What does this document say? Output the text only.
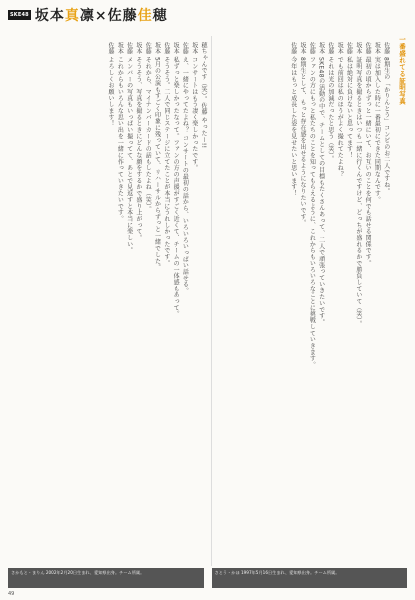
SKE48 坂本真凛×佐藤佳穂
一番盛れてる証明写真

佐藤 8期生の「かりんとう」コンビのお二人ですね。

坂本 実は加入した時に一番最初にできた同期なんです。

佐藤 最初の頃からずっと一緒にいて、お互いのことを何でも話せる関係です。

坂本 証明写真を撮るときはいつも一緒に行くんですけど、どっちが盛れるかで勝負していて（笑）。

佐藤 私は絶対に負けないと思ってます！

坂本 でも前回は私のほうがよく撮れてたよね？

佐藤 それは光の加減だったと思う（笑）。

坂本 SKE48の活動の中で、チームとしての目標もたくさんあって、二人で頑張っていきたいです。

佐藤 ファンの方にもっと私たちのことを知ってもらえるように、これからもいろいろなことに挑戦していきます。

坂本 8期生として、もっと存在感を出せるようになりたいです。

佐藤 今年はもっと成長した姿を見せたいと思います！

穂ちゃんです（笑）。佐藤 やったー!!

坂本 コンサートはもう凄く楽しかったです。

佐藤 え、一緒にやってたよね？ コンサートの最初の話から、いろいろいっぱい話せる。

坂本 私ずっと楽しかったなって。ファンの方の声援がすごく近くて、チームの一体感もあって。

佐藤 そうそう。二人で同じステージに立てたことが本当にうれしかったです。

坂本 5月の公演もすごく印象に残っていて、リハーサルからずっと一緒でした。

佐藤 それから、マイナンバーカードの話もしたよね（笑）。

坂本 そうそう、写真を撮るときにどんな顔をするかで盛り上がって。

佐藤 メンバーの写真もいっぱい撮ってて、あとで見返すと本当に楽しい。

坂本 これからもいろんな思い出を一緒に作っていきたいです。

佐藤 よろしくお願いします！

さかもと・まりん 2002年2月20日生まれ、愛知県出身。チーム所属。	さとう・かほ 1997年5月16日生まれ、愛知県出身。チーム所属。
49
